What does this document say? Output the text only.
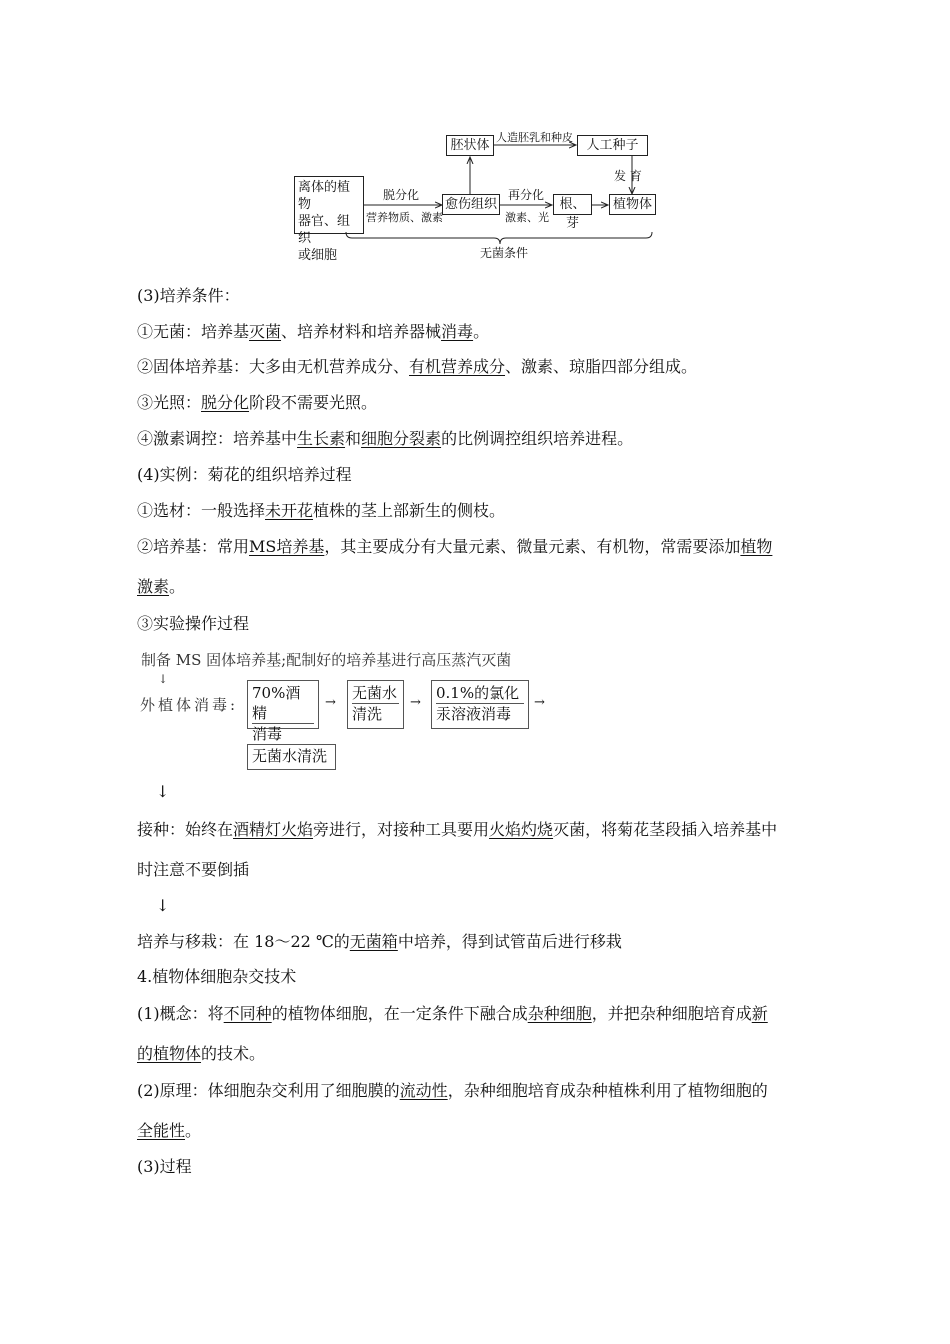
离体的植物
器官、组织
或细胞
脱分化
营养物质、激素
愈伤组织
再分化
激素、光
根、芽
植物体
胚状体
人造胚乳和种皮
人工种子
发 育
无菌条件
(3)培养条件：
①无菌：培养基灭菌、培养材料和培养器械消毒。
②固体培养基：大多由无机营养成分、有机营养成分、激素、琼脂四部分组成。
③光照：脱分化阶段不需要光照。
④激素调控：培养基中生长素和细胞分裂素的比例调控组织培养进程。
(4)实例：菊花的组织培养过程
①选材：一般选择未开花植株的茎上部新生的侧枝。
②培养基：常用MS培养基，其主要成分有大量元素、微量元素、有机物，常需要添加植物
激素。
③实验操作过程
制备 MS 固体培养基;配制好的培养基进行高压蒸汽灭菌
↓
外植体消毒:
70%酒精
消毒
→
无菌水
清洗
→
0.1%的氯化
汞溶液消毒
→
无菌水清洗
↓
接种：始终在酒精灯火焰旁进行，对接种工具要用火焰灼烧灭菌，将菊花茎段插入培养基中
时注意不要倒插
↓
培养与移栽：在 18～22 ℃的无菌箱中培养，得到试管苗后进行移栽
4.植物体细胞杂交技术
(1)概念：将不同种的植物体细胞，在一定条件下融合成杂种细胞，并把杂种细胞培育成新
的植物体的技术。
(2)原理：体细胞杂交利用了细胞膜的流动性，杂种细胞培育成杂种植株利用了植物细胞的
全能性。
(3)过程
